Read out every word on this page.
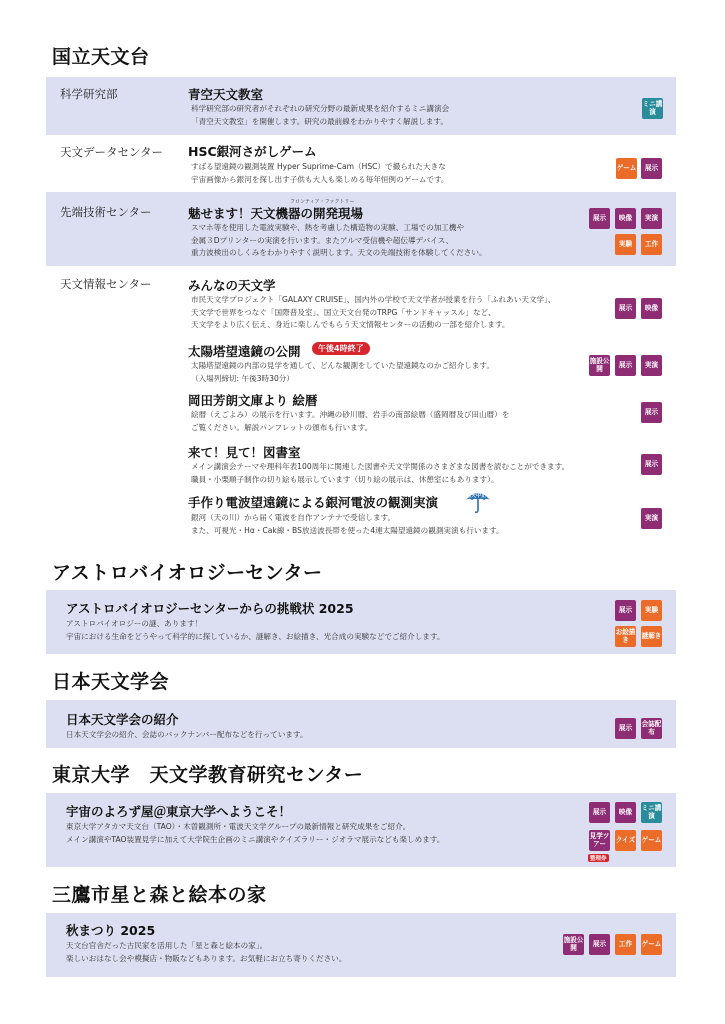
国立天文台
科学研究部	青空天文教室
科学研究部の研究者がそれぞれの研究分野の最新成果を紹介するミニ講演会
「青空天文教室」を開催します。研究の最前線をわかりやすく解説します。
ミニ講演
天文データセンター HSC銀河さがしゲーム
すばる望遠鏡の観測装置 Hyper Suprime-Cam（HSC）で撮られた大きな
宇宙画像から銀河を探し出す子供も大人も楽しめる毎年恒例のゲームです。
ゲーム	展示
先端技術センター
フロンティア・ファクトリー
魅せます！天文機器の開発現場
スマホ等を使用した電波実験や、熱を考慮した構造物の実験、工場での加工機や
金属３Dプリンターの実演を行います。またアルマ受信機や超伝導デバイス、
重力波検出のしくみをわかりやすく説明します。天文の先端技術を体験してください。
展示	映像	実演
実験	工作
天文情報センター	みんなの天文学
市民天文学プロジェクト「GALAXY CRUISE」、国内外の学校で天文学者が授業を行う「ふれあい天文学」、
天文学で世界をつなぐ「国際普及室」、国立天文台発のTRPG「サンドキャッスル」など、
天文学をより広く伝え、身近に楽しんでもらう天文情報センターの活動の一部を紹介します。
展示	映像
太陽塔望遠鏡の公開	午後4時終了
太陽塔望遠鏡の内部の見学を通して、どんな観測をしていた望遠鏡なのかご紹介します。
（入場列締切: 午後3時30分）
施設公開	展示	実演
岡田芳朗文庫より 絵暦
絵暦（えごよみ）の展示を行います。沖縄の砂川暦、岩手の南部絵暦（盛岡暦及び田山暦）を
ご覧ください。解説パンフレットの頒布も行います。
展示
来て！見て！図書室
メイン講演会テーマや理科年表100周年に関連した図書や天文学関係のさまざまな図書を読むことができます。
職員・小栗順子制作の切り絵も展示しています（切り絵の展示は、休憩室にもあります）。
展示
手作り電波望遠鏡による銀河電波の観測実演	雨天中止
銀河（天の川）から届く電波を自作アンテナで受信します。
また、可視光・Hα・Cak線・BS放送波長帯を使った4連太陽望遠鏡の観測実演も行います。
実演
アストロバイオロジーセンター
アストロバイオロジーセンターからの挑戦状 2025
アストロバイオロジーの謎、あります！
宇宙における生命をどうやって科学的に探しているか、謎解き、お絵描き、光合成の実験などでご紹介します。
展示	実験
お絵描き	謎解き
日本天文学会
日本天文学会の紹介
日本天文学会の紹介、会誌のバックナンバー配布などを行っています。
展示	会誌配布
東京大学　天文学教育研究センター
宇宙のよろず屋＠東京大学へようこそ！
東京大学アタカマ天文台（TAO）・木曽観測所・電波天文学グループの最新情報と研究成果をご紹介。
メイン講演やTAO装置見学に加えて大学院生企画のミニ講演やクイズラリー・ジオラマ展示なども楽しめます。
展示	映像	ミニ講演
見学ツアー	クイズ ゲーム
整理券
三鷹市星と森と絵本の家
秋まつり 2025
天文台官舎だった古民家を活用した「星と森と絵本の家」。
楽しいおはなし会や模擬店・物販などもあります。お気軽にお立ち寄りください。
施設公開	展示	工作	ゲーム
